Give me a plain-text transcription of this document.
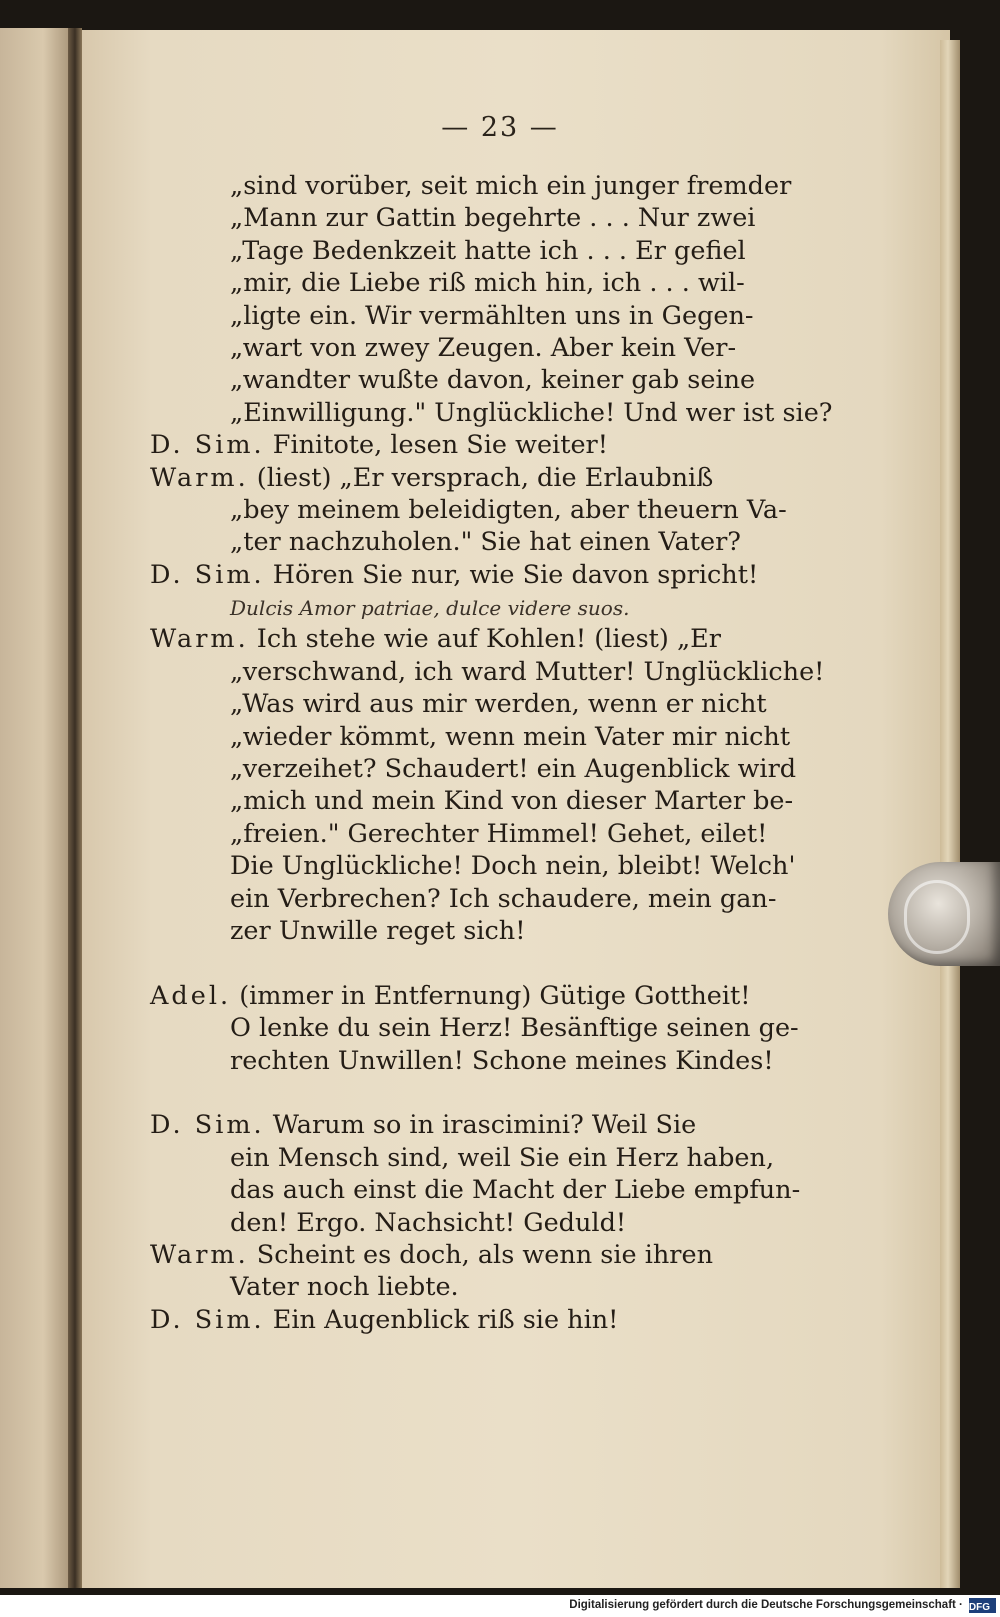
— 23 —
„sind vorüber, seit mich ein junger fremder
„Mann zur Gattin begehrte . . . Nur zwei
„Tage Bedenkzeit hatte ich . . . Er gefiel
„mir, die Liebe riß mich hin, ich . . . wil-
„ligte ein. Wir vermählten uns in Gegen-
„wart von zwey Zeugen. Aber kein Ver-
„wandter wußte davon, keiner gab seine
„Einwilligung." Unglückliche! Und wer ist sie?
D. Sim. Finitote, lesen Sie weiter!
Warm. (liest) „Er versprach, die Erlaubniß
„bey meinem beleidigten, aber theuern Va-
„ter nachzuholen." Sie hat einen Vater?
D. Sim. Hören Sie nur, wie Sie davon spricht!
Dulcis Amor patriae, dulce videre suos.
Warm. Ich stehe wie auf Kohlen! (liest) „Er
„verschwand, ich ward Mutter! Unglückliche!
„Was wird aus mir werden, wenn er nicht
„wieder kömmt, wenn mein Vater mir nicht
„verzeihet? Schaudert! ein Augenblick wird
„mich und mein Kind von dieser Marter be-
„freien." Gerechter Himmel! Gehet, eilet!
Die Unglückliche! Doch nein, bleibt! Welch'
ein Verbrechen? Ich schaudere, mein gan-
zer Unwille reget sich!
Adel. (immer in Entfernung) Gütige Gottheit!
O lenke du sein Herz! Besänftige seinen ge-
rechten Unwillen! Schone meines Kindes!
D. Sim. Warum so in irascimini? Weil Sie
ein Mensch sind, weil Sie ein Herz haben,
das auch einst die Macht der Liebe empfun-
den! Ergo. Nachsicht! Geduld!
Warm. Scheint es doch, als wenn sie ihren
Vater noch liebte.
D. Sim. Ein Augenblick riß sie hin!
Digitalisierung gefördert durch die Deutsche Forschungsgemeinschaft · DFG
